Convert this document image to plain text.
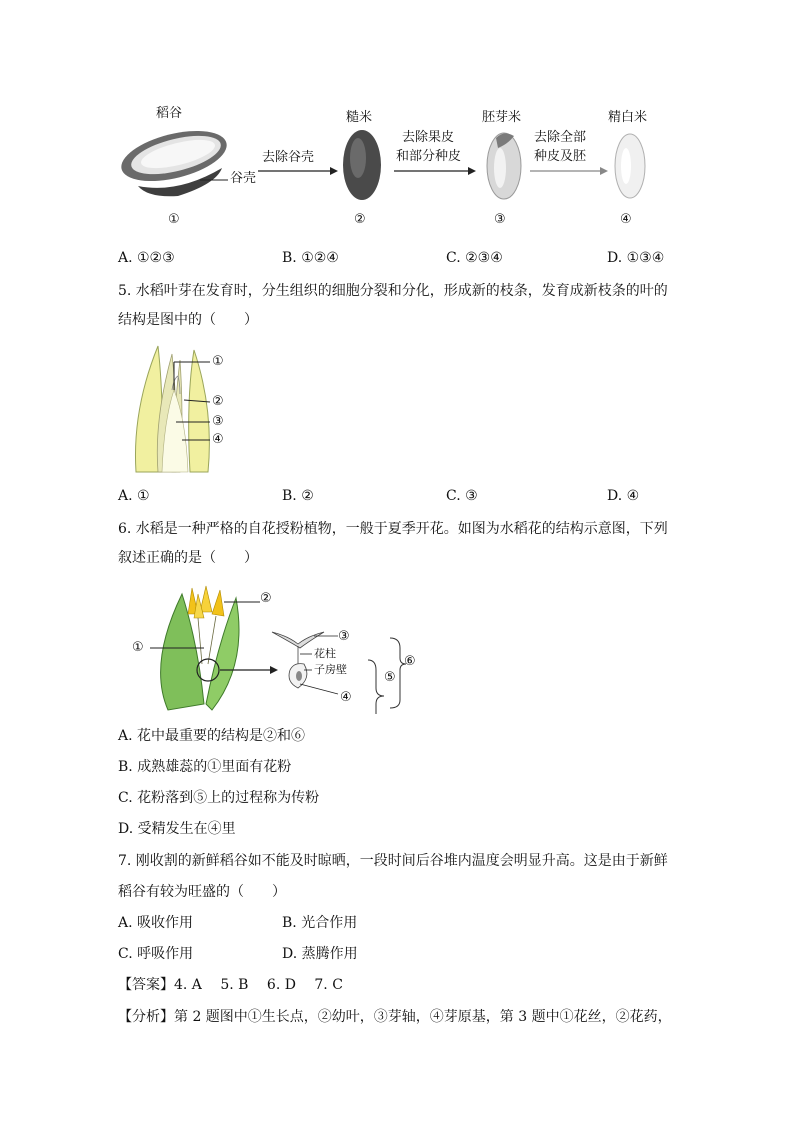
稻谷
谷壳
去除谷壳
糙米
去除果皮
和部分种皮
胚芽米
去除全部
种皮及胚
精白米
①	②	③	④
A. ①②③	B. ①②④	C. ②③④	D. ①③④
5. 水稻叶芽在发育时，分生组织的细胞分裂和分化，形成新的枝条，发育成新枝条的叶的
结构是图中的（　　）
①
②
③
④
A. ①	B. ②	C. ③	D. ④
6. 水稻是一种严格的自花授粉植物，一般于夏季开花。如图为水稻花的结构示意图，下列
叙述正确的是（　　）
②
①
③
花柱
子房壁
④
⑤
⑥
A. 花中最重要的结构是②和⑥
B. 成熟雄蕊的①里面有花粉
C. 花粉落到⑤上的过程称为传粉
D. 受精发生在④里
7. 刚收割的新鲜稻谷如不能及时晾晒，一段时间后谷堆内温度会明显升高。这是由于新鲜
稻谷有较为旺盛的（　　）
A. 吸收作用	B. 光合作用
C. 呼吸作用	D. 蒸腾作用
【答案】4. A　 5. B　 6. D　 7. C
【分析】第 2 题图中①生长点，②幼叶，③芽轴，④芽原基，第 3 题中①花丝，②花药，
